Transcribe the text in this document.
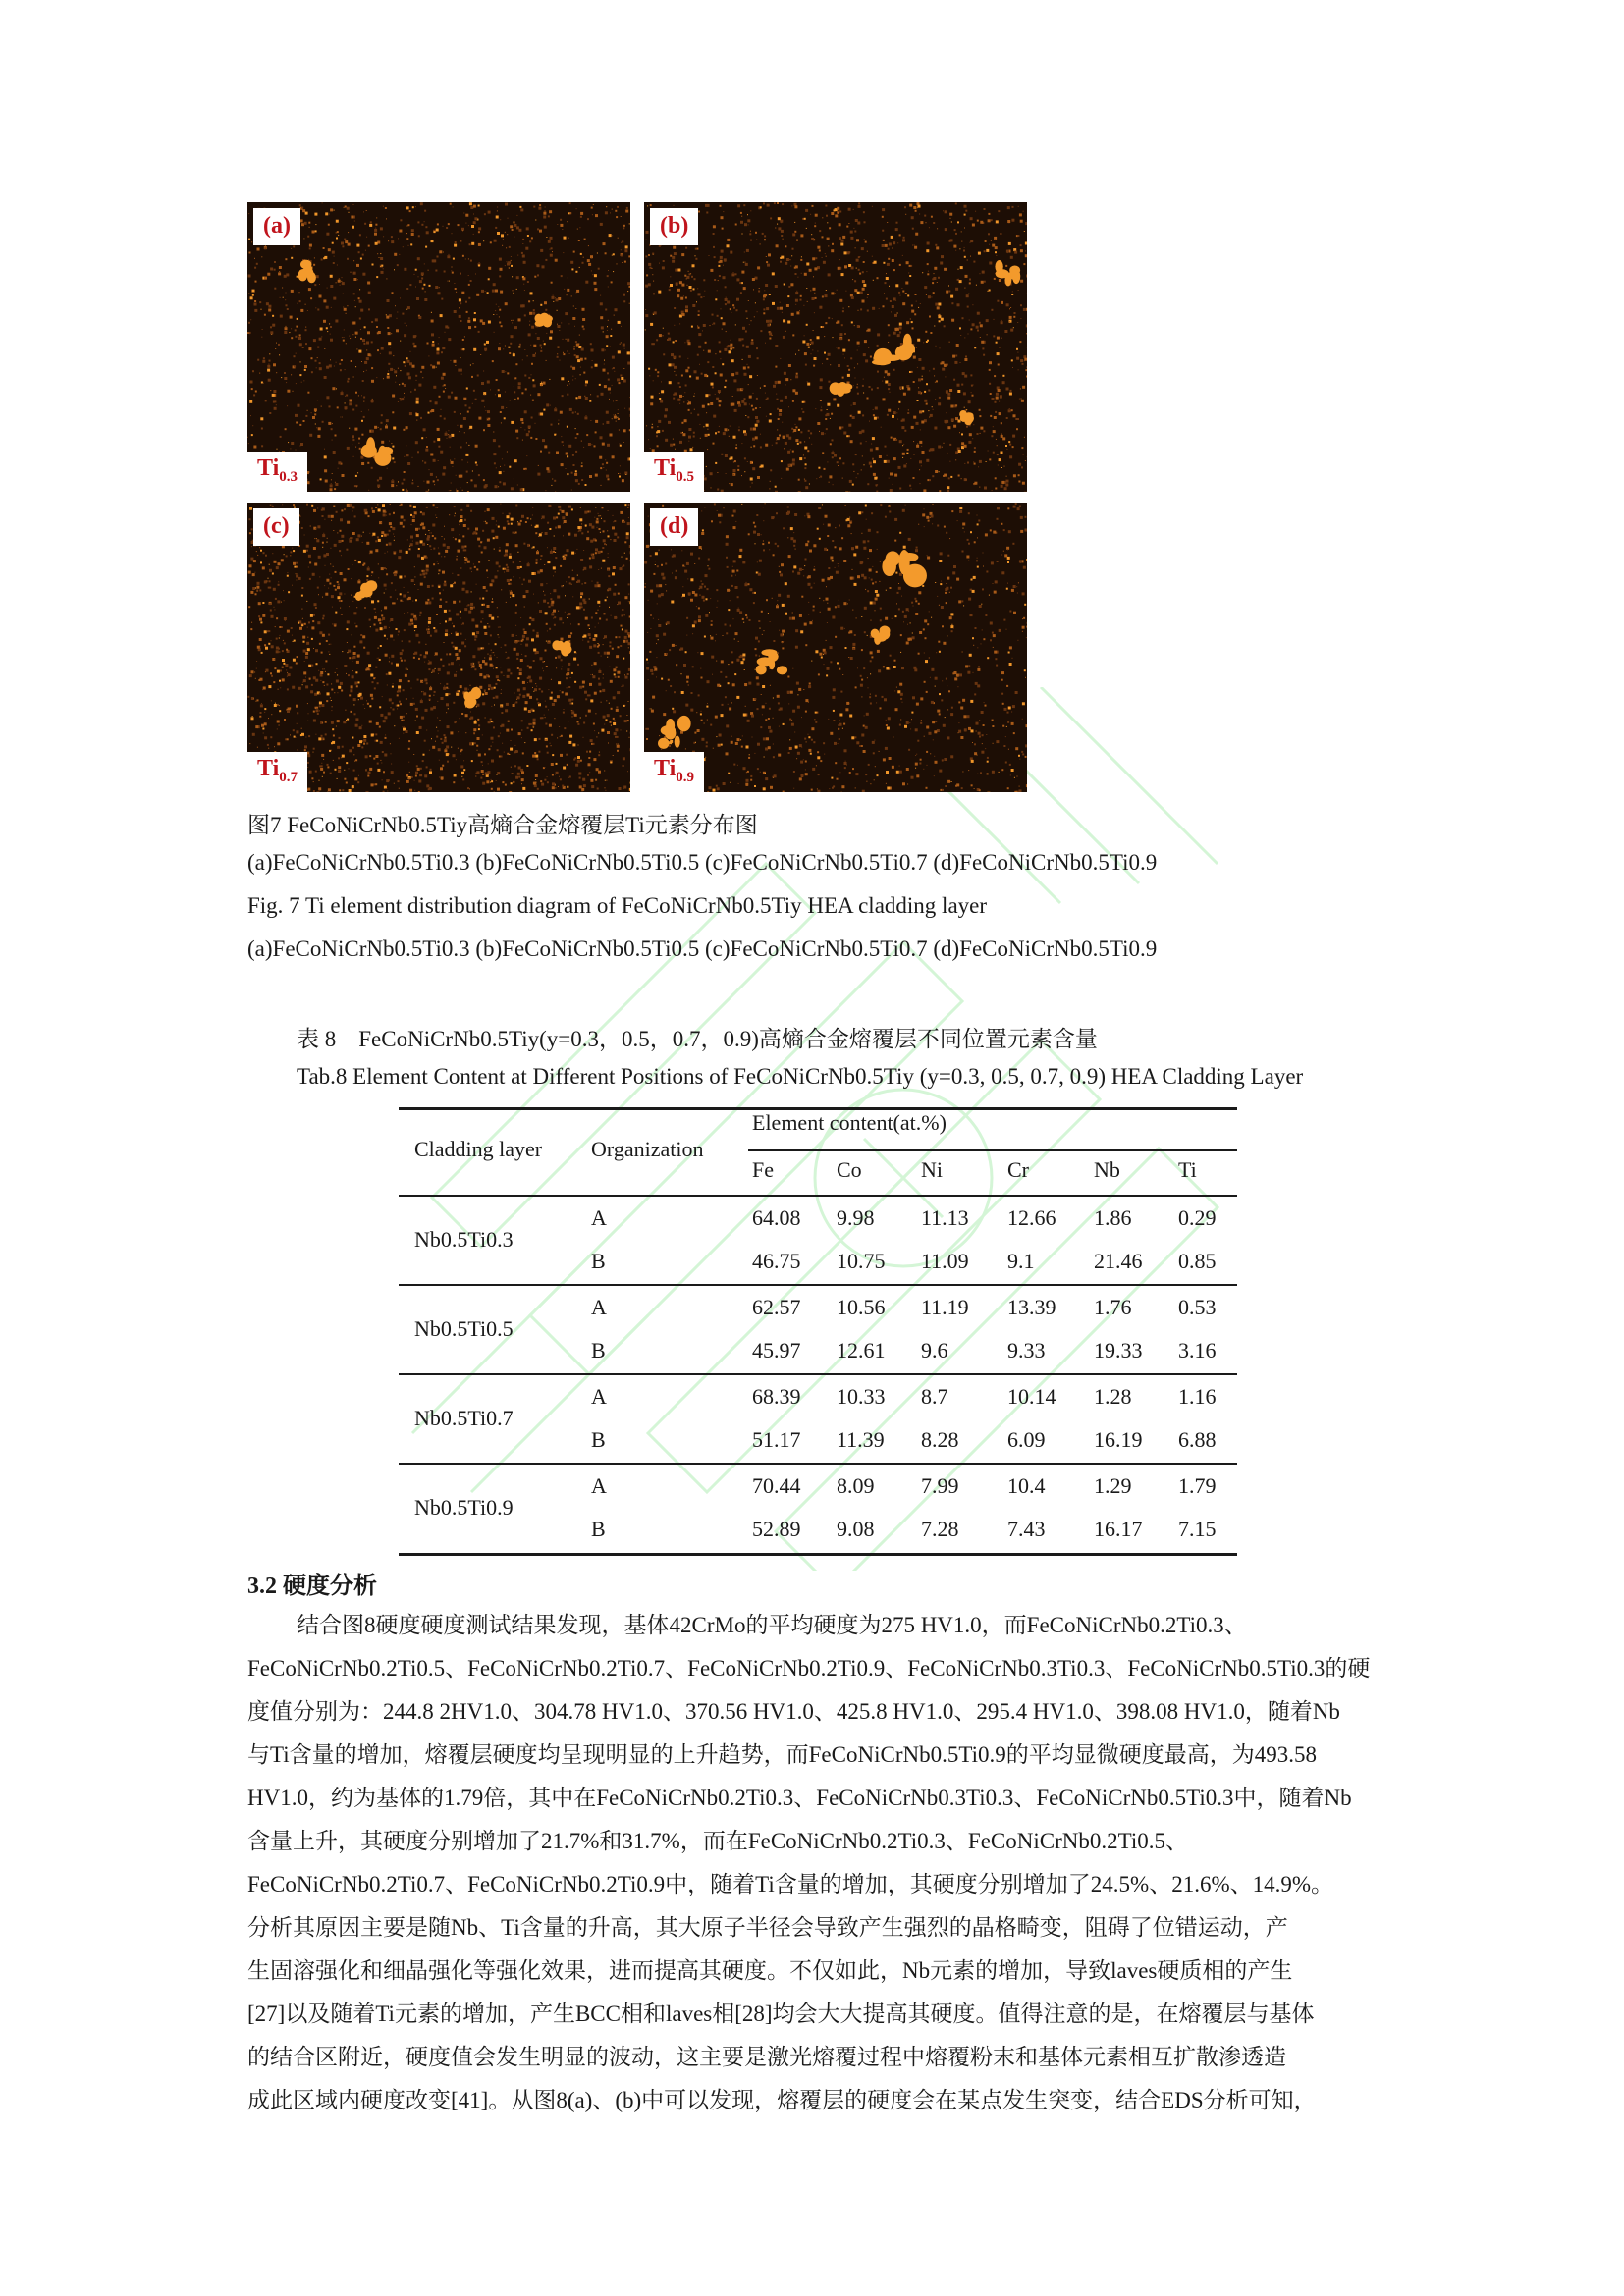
(a)
$Ti_{0.3}$
(b)
$Ti_{0.5}$
(c)
$Ti_{0.7}$
(d)
$Ti_{0.9}$
图7 FeCoNiCrNb0.5Tiy高熵合金熔覆层Ti元素分布图
(a)FeCoNiCrNb0.5Ti0.3 (b)FeCoNiCrNb0.5Ti0.5 (c)FeCoNiCrNb0.5Ti0.7 (d)FeCoNiCrNb0.5Ti0.9
Fig. 7 Ti element distribution diagram of FeCoNiCrNb0.5Tiy HEA cladding layer
(a)FeCoNiCrNb0.5Ti0.3 (b)FeCoNiCrNb0.5Ti0.5 (c)FeCoNiCrNb0.5Ti0.7 (d)FeCoNiCrNb0.5Ti0.9
表 8　FeCoNiCrNb0.5Tiy(y=0.3，0.5，0.7，0.9)高熵合金熔覆层不同位置元素含量
Tab.8 Element Content at Different Positions of FeCoNiCrNb0.5Tiy (y=0.3, 0.5, 0.7, 0.9) HEA Cladding Layer
Cladding layer Organization
Element content(at.%)
Fe	Co	Ni	Cr	Nb	Ti
Nb0.5Ti0.3
A	64.08 9.98 11.13 12.66 1.86 0.29
B	46.75 10.75 11.09 9.1	21.46 0.85
Nb0.5Ti0.5
A	62.57 10.56 11.19 13.39 1.76 0.53
B	45.97 12.61 9.6	9.33 19.33 3.16
Nb0.5Ti0.7
A	68.39 10.33 8.7	10.14 1.28 1.16
B	51.17 11.39 8.28 6.09 16.19 6.88
Nb0.5Ti0.9
A	70.44 8.09 7.99 10.4 1.29 1.79
B	52.89 9.08 7.28 7.43 16.17 7.15
3.2 硬度分析
结合图8硬度硬度测试结果发现，基体42CrMo的平均硬度为275 HV1.0，而FeCoNiCrNb0.2Ti0.3、
FeCoNiCrNb0.2Ti0.5、FeCoNiCrNb0.2Ti0.7、FeCoNiCrNb0.2Ti0.9、FeCoNiCrNb0.3Ti0.3、FeCoNiCrNb0.5Ti0.3的硬
度值分别为：244.8 2HV1.0、304.78 HV1.0、370.56 HV1.0、425.8 HV1.0、295.4 HV1.0、398.08 HV1.0，随着Nb
与Ti含量的增加，熔覆层硬度均呈现明显的上升趋势，而FeCoNiCrNb0.5Ti0.9的平均显微硬度最高，为493.58
HV1.0，约为基体的1.79倍，其中在FeCoNiCrNb0.2Ti0.3、FeCoNiCrNb0.3Ti0.3、FeCoNiCrNb0.5Ti0.3中，随着Nb
含量上升，其硬度分别增加了21.7%和31.7%，而在FeCoNiCrNb0.2Ti0.3、FeCoNiCrNb0.2Ti0.5、
FeCoNiCrNb0.2Ti0.7、FeCoNiCrNb0.2Ti0.9中，随着Ti含量的增加，其硬度分别增加了24.5%、21.6%、14.9%。
分析其原因主要是随Nb、Ti含量的升高，其大原子半径会导致产生强烈的晶格畸变，阻碍了位错运动，产
生固溶强化和细晶强化等强化效果，进而提高其硬度。不仅如此，Nb元素的增加，导致laves硬质相的产生
[27]以及随着Ti元素的增加，产生BCC相和laves相[28]均会大大提高其硬度。值得注意的是，在熔覆层与基体
的结合区附近，硬度值会发生明显的波动，这主要是激光熔覆过程中熔覆粉末和基体元素相互扩散渗透造
成此区域内硬度改变[41]。从图8(a)、(b)中可以发现，熔覆层的硬度会在某点发生突变，结合EDS分析可知，
